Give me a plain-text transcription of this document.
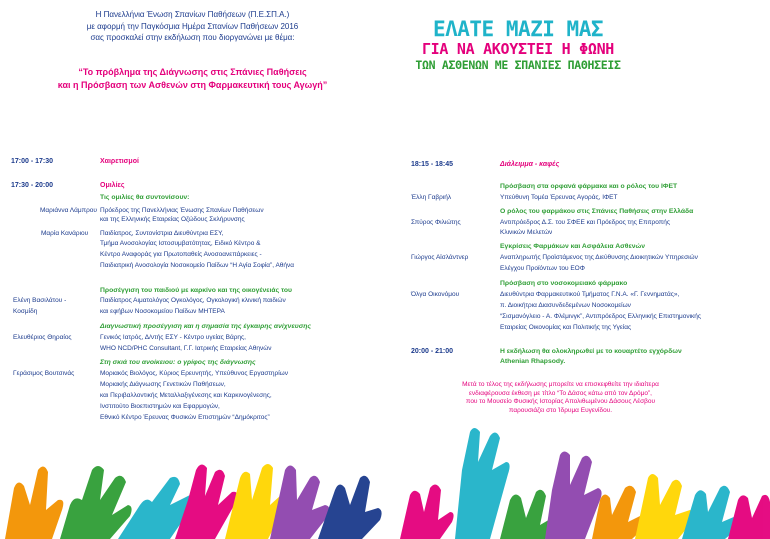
Η Πανελλήνια Ένωση Σπανίων Παθήσεων (Π.Ε.ΣΠ.Α.)
με αφορμή την Παγκόσμια Ημέρα Σπανίων Παθήσεων 2016
σας προσκαλεί στην εκδήλωση που διοργανώνει με θέμα:
“Το πρόβλημα της Διάγνωσης στις Σπάνιες Παθήσεις
και η Πρόσβαση των Ασθενών στη Φαρμακευτική τους Αγωγή”
ΕΛΑΤΕ ΜΑΖΙ ΜΑΣ
ΓΙΑ ΝΑ ΑΚΟΥΣΤΕΙ Η ΦΩΝΗ
ΤΩΝ ΑΣΘΕΝΩΝ ΜΕ ΣΠΑΝΙΕΣ ΠΑΘΗΣΕΙΣ
17:00 - 17:30	Χαιρετισμοί
17:30 - 20:00	Ομιλίες
Τις ομιλίες θα συντονίσουν:
Μαριάννα Λάμπρου Πρόεδρος της Πανελλήνιας Ένωσης Σπανίων Παθήσεων
και της Ελληνικής Εταιρείας Οζώδους Σκλήρυνσης
Μαρία Κανάριου Παιδίατρος, Συντονίστρια Διευθύντρια ΕΣΥ,
Τμήμα Ανοσολογίας Ιστοσυμβατότητας, Ειδικό Κέντρο &
Κέντρο Αναφοράς για Πρωτοπαθείς Ανοσοανεπάρκειες -
Παιδιατρική Ανοσολογία Νοσοκομείο Παίδων “Η Αγία Σοφία”, Αθήνα
Προσέγγιση του παιδιού με καρκίνο και της οικογένειάς του
Ελένη Βασιλάτου -
Κοσμίδη
Παιδίατρος Αιματολόγος Ογκολόγος, Ογκολογική κλινική παιδιών
και εφήβων Νοσοκομείου Παίδων ΜΗΤΕΡΑ
Διαγνωστική προσέγγιση και η σημασία της έγκαιρης ανίχνευσης
Ελευθέριος Θηραίος	Γενικός Ιατρός, Δ/ντής ΕΣΥ - Κέντρο υγείας Βάρης,
WHO NCD/PHC Consultant, Γ.Γ. Ιατρικής Εταιρείας Αθηνών
Στη σκιά του ανοίκειου: ο γρίφος της διάγνωσης
Γεράσιμος Βουτσινάς	Μοριακός Βιολόγος, Κύριος Ερευνητής, Υπεύθυνος Εργαστηρίων
Μοριακής Διάγνωσης Γενετικών Παθήσεων,
και Περιβαλλοντικής Μεταλλαξιγένεσης και Καρκινογένεσης,
Ινστιτούτο Βιοεπιστημών και Εφαρμογών,
Εθνικό Κέντρο Έρευνας Φυσικών Επιστημών “Δημόκριτος”
18:15 - 18:45	Διάλειμμα - καφές
Πρόσβαση στα ορφανά φάρμακα και ο ρόλος του ΙΦΕΤ
Έλλη Γαβριήλ	Υπεύθυνη Τομέα Έρευνας Αγοράς, ΙΦΕΤ
Ο ρόλος του φαρμάκου στις Σπάνιες Παθήσεις στην Ελλάδα
Σπύρος Φιλιώτης	Αντιπρόεδρος Δ.Σ. του ΣΦΕΕ και Πρόεδρος της Επιτροπής
Κλινικών Μελετών
Εγκρίσεις Φαρμάκων και Ασφάλεια Ασθενών
Γιώργος Αϊσλάντνερ	Αναπληρωτής Προϊστάμενος της Διεύθυνσης Διοικητικών Υπηρεσιών
Ελέγχου Προϊόντων του ΕΟΦ
Πρόσβαση στο νοσοκομειακό φάρμακο
Όλγα Οικονόμου	Διευθύντρια Φαρμακευτικού Τμήματος Γ.Ν.Α. «Γ. Γεννηματάς»,
π. Διοικήτρια Διασυνδεδεμένων Νοσοκομείων
“Σισμανόγλειο - Α. Φλέμινγκ”, Αντιπρόεδρος Ελληνικής Επιστημονικής
Εταιρείας Οικονομίας και Πολιτικής της Υγείας
20:00 - 21:00	Η εκδήλωση θα ολοκληρωθεί με το κουαρτέτο εγχόρδων
Athenian Rhapsody.
Μετά το τέλος της εκδήλωσης μπορείτε να επισκεφθείτε την ιδιαίτερα
ενδιαφέρουσα έκθεση με τίτλο “Το Δάσος κάτω από τον Δρόμο”,
που το Μουσείο Φυσικής Ιστορίας Απολιθωμένου Δάσους Λέσβου
παρουσιάζει στο Ίδρυμα Ευγενίδου.
